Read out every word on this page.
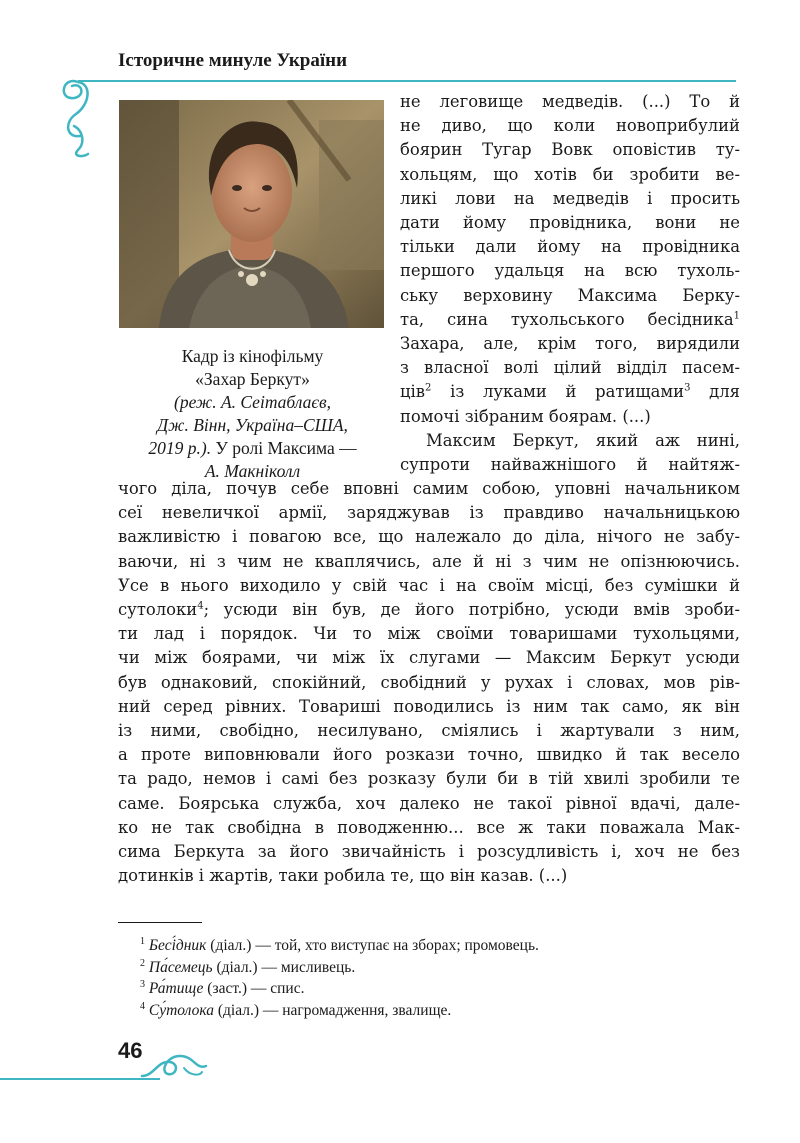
Історичне минуле України
Кадр із кінофільму
«Захар Беркут»
(реж. А. Сеітаблаєв,
Дж. Вінн, Україна–США,
2019 р.). У ролі Максима —
А. Макніколл
не леговище медведів. (...) То й
не диво, що коли новоприбулий
боярин Тугар Вовк оповістив ту-
хольцям, що хотів би зробити ве-
ликі лови на медведів і просить
дати йому провідника, вони не
тільки дали йому на провідника
першого удальця на всю тухоль-
ську верховину Максима Берку-
та, сина тухольського бесідника$^1$
Захара, але, крім того, вирядили
з власної волі цілий відділ пасем-
ців$^2$ із луками й ратищами$^3$ для
помочі зібраним боярам. (...)
Максим Беркут, який аж нині,
супроти найважнішого й найтяж-
чого діла, почув себе вповні самим собою, уповні начальником
сеї невеличкої армії, заряджував із правдиво начальницькою
важливістю і повагою все, що належало до діла, нічого не забу-
ваючи, ні з чим не кваплячись, але й ні з чим не опізнюючись.
Усе в нього виходило у свій час і на своїм місці, без сумішки й
сутолоки$^4$; усюди він був, де його потрібно, усюди вмів зроби-
ти лад і порядок. Чи то між своїми товаришами тухольцями,
чи між боярами, чи між їх слугами — Максим Беркут усюди
був однаковий, спокійний, свобідний у рухах і словах, мов рів-
ний серед рівних. Товариші поводились із ним так само, як він
із ними, свобідно, несилувано, сміялись і жартували з ним,
а проте виповнювали його розкази точно, швидко й так весело
та радо, немов і самі без розказу були би в тій хвилі зробили те
саме. Боярська служба, хоч далеко не такої рівної вдачі, дале-
ко не так свобідна в поводженню... все ж таки поважала Мак-
сима Беркута за його звичайність і розсудливість і, хоч не без
дотинків і жартів, таки робила те, що він казав. (...)
$^1$ Бесі́дник (діал.) — той, хто виступає на зборах; промовець.
$^2$ Па́семець (діал.) — мисливець.
$^3$ Ра́тище (заст.) — спис.
$^4$ Су́толока (діал.) — нагромадження, звалище.
46
